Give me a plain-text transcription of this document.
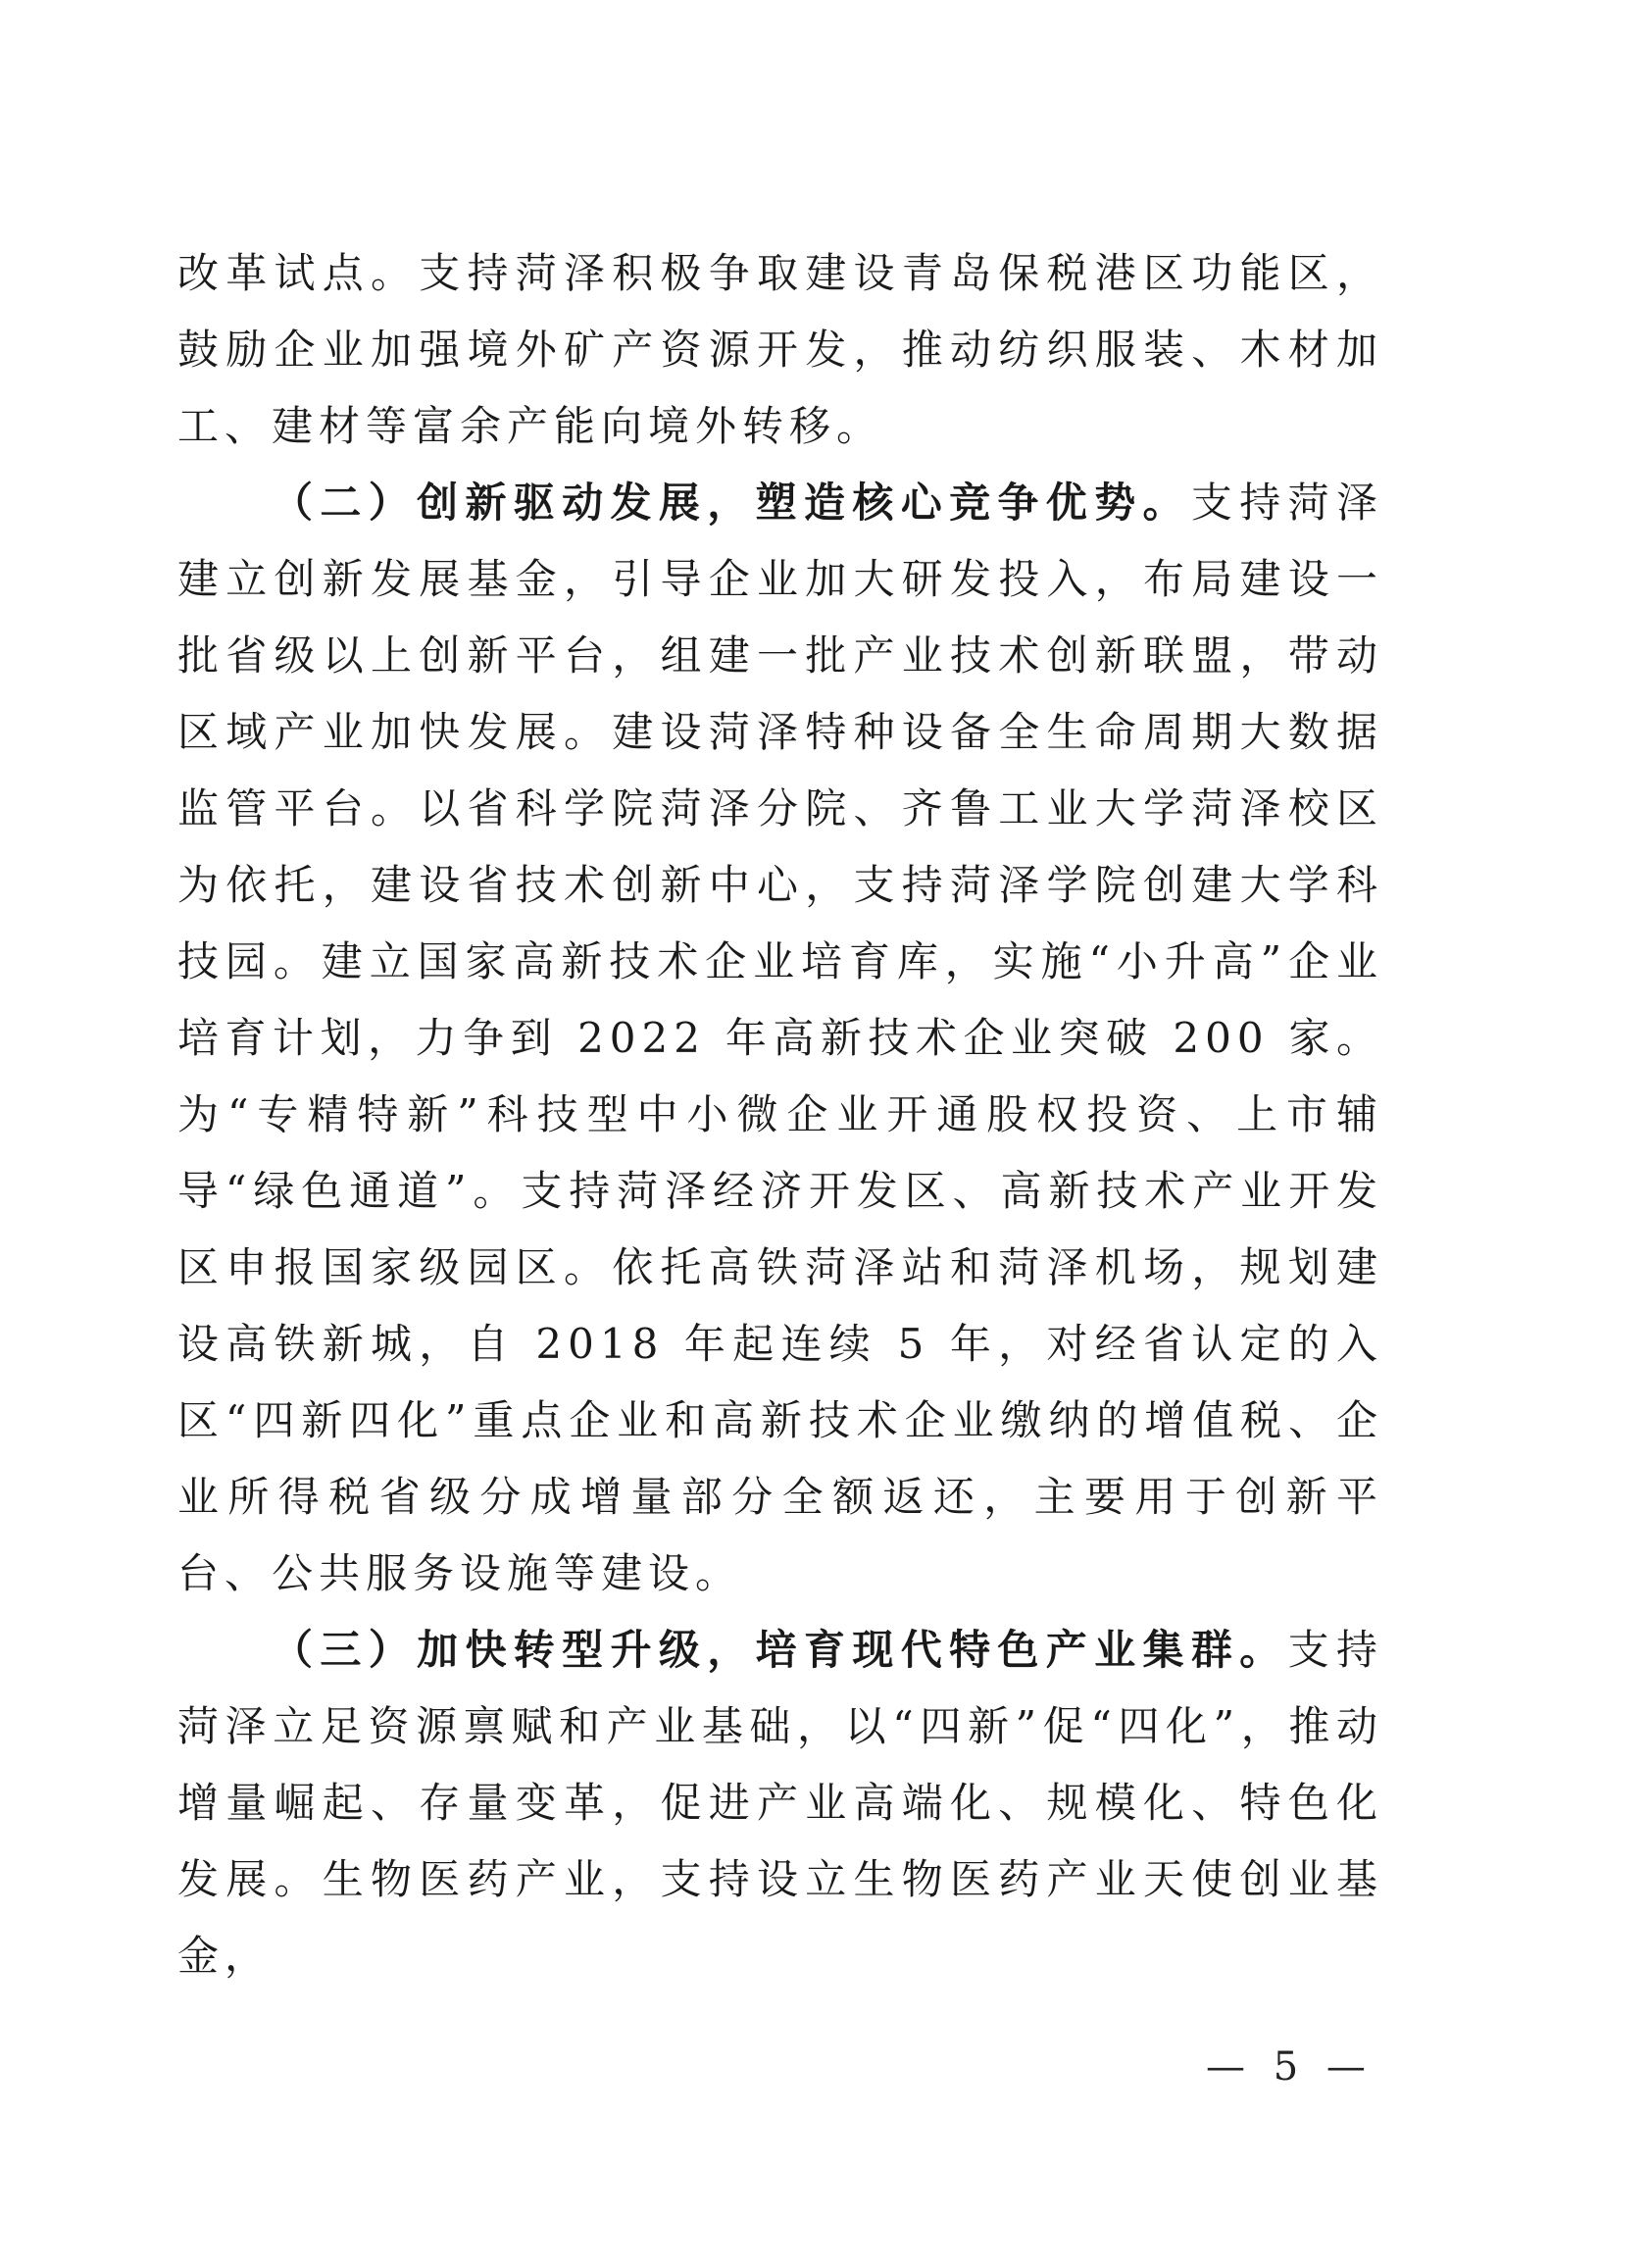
改革试点。支持菏泽积极争取建设青岛保税港区功能区，鼓励企业加强境外矿产资源开发，推动纺织服装、木材加工、建材等富余产能向境外转移。

（二）创新驱动发展，塑造核心竞争优势。支持菏泽建立创新发展基金，引导企业加大研发投入，布局建设一批省级以上创新平台，组建一批产业技术创新联盟，带动区域产业加快发展。建设菏泽特种设备全生命周期大数据监管平台。以省科学院菏泽分院、齐鲁工业大学菏泽校区为依托，建设省技术创新中心，支持菏泽学院创建大学科技园。建立国家高新技术企业培育库，实施“小升高”企业培育计划，力争到 2022 年高新技术企业突破 200 家。为“专精特新”科技型中小微企业开通股权投资、上市辅导“绿色通道”。支持菏泽经济开发区、高新技术产业开发区申报国家级园区。依托高铁菏泽站和菏泽机场，规划建设高铁新城，自 2018 年起连续 5 年，对经省认定的入区“四新四化”重点企业和高新技术企业缴纳的增值税、企业所得税省级分成增量部分全额返还，主要用于创新平台、公共服务设施等建设。

（三）加快转型升级，培育现代特色产业集群。支持菏泽立足资源禀赋和产业基础，以“四新”促“四化”，推动增量崛起、存量变革，促进产业高端化、规模化、特色化发展。生物医药产业，支持设立生物医药产业天使创业基金，

— 5 —
